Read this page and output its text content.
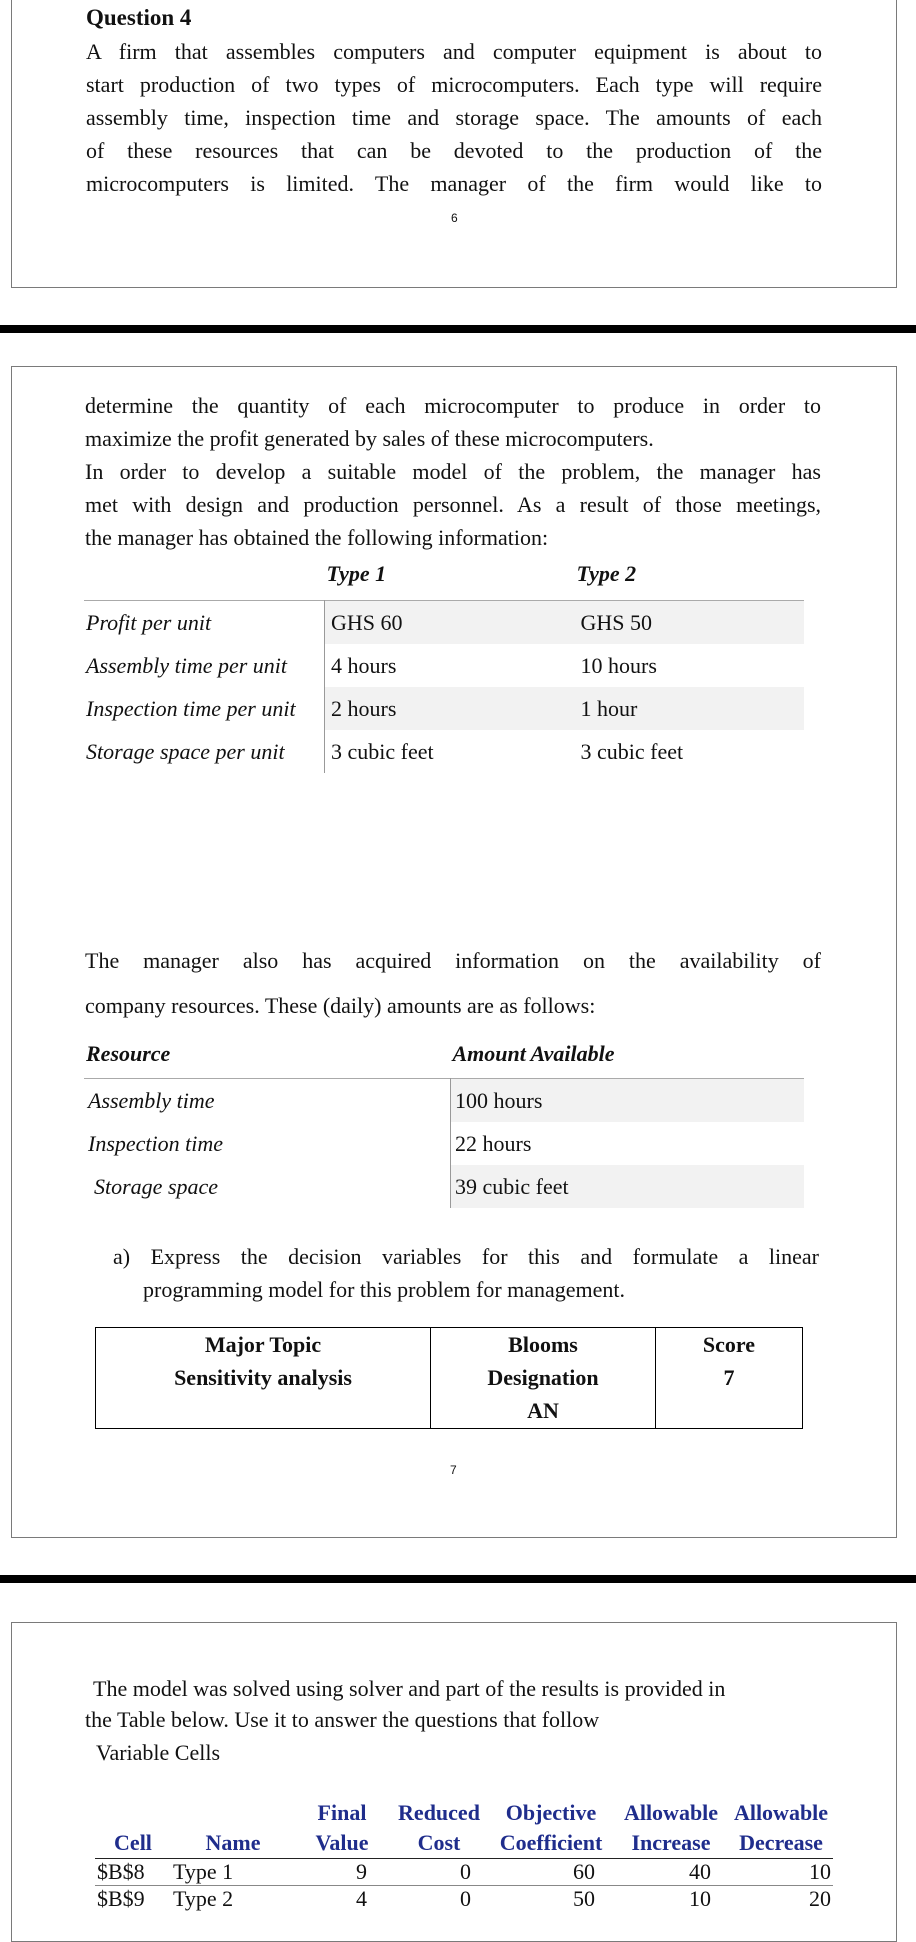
Question 4
A firm that assembles computers and computer equipment is about to
start production of two types of microcomputers. Each type will require
assembly time, inspection time and storage space. The amounts of each
of these resources that can be devoted to the production of the
microcomputers is limited. The manager of the firm would like to
6
determine the quantity of each microcomputer to produce in order to
maximize the profit generated by sales of these microcomputers.
In order to develop a suitable model of the problem, the manager has
met with design and production personnel. As a result of those meetings,
the manager has obtained the following information:
	Type 1	Type 2
Profit per unit	GHS 60	GHS 50
Assembly time per unit	4 hours	10 hours
Inspection time per unit	2 hours	1 hour
Storage space per unit	3 cubic feet	3 cubic feet
The manager also has acquired information on the availability of
company resources. These (daily) amounts are as follows:
Resource	Amount Available
Assembly time	100 hours
Inspection time	22 hours
Storage space	39 cubic feet
a) Express the decision variables for this and formulate a linear
programming model for this problem for management.
Major Topic
Sensitivity analysis

Blooms
Designation
AN

Score
7
7
The model was solved using solver and part of the results is provided in
the Table below. Use it to answer the questions that follow
Variable Cells
		Final	Reduced	Objective	Allowable	Allowable
Cell	Name	Value	Cost	Coefficient	Increase	Decrease
$B$8	Type 1	9	0	60	40	10
$B$9	Type 2	4	0	50	10	20
